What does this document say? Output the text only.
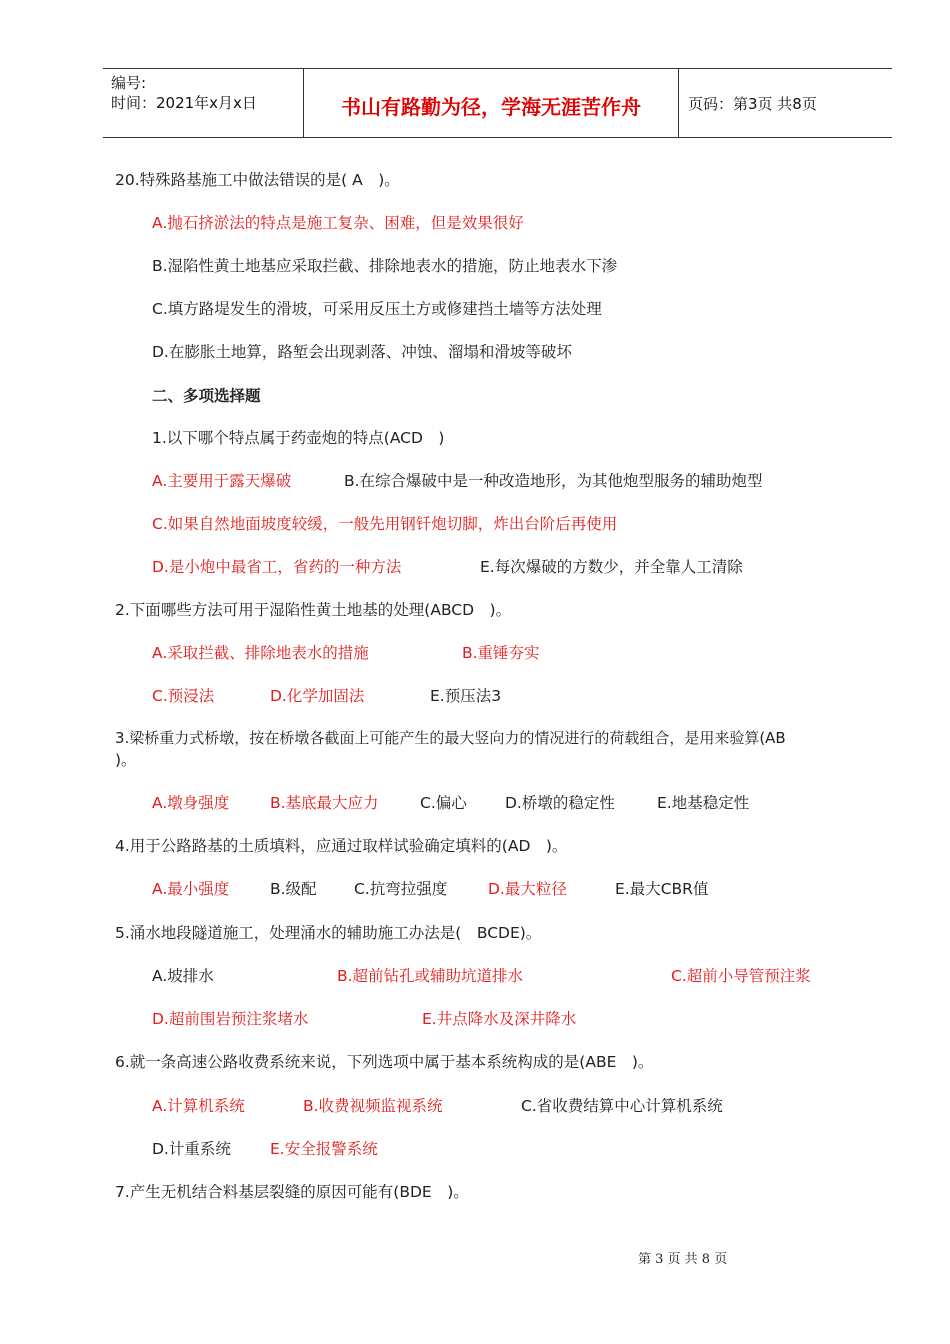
编号:
时间：2021年x月x日	书山有路勤为径，学海无涯苦作舟	页码：第3页 共8页
20.特殊路基施工中做法错误的是( A　)。
A.抛石挤淤法的特点是施工复杂、困难，但是效果很好
B.湿陷性黄土地基应采取拦截、排除地表水的措施，防止地表水下渗
C.填方路堤发生的滑坡，可采用反压土方或修建挡土墙等方法处理
D.在膨胀土地算，路堑会出现剥落、冲蚀、溜塌和滑坡等破坏
二、多项选择题
1.以下哪个特点属于药壶炮的特点(ACD　)
A.主要用于露天爆破	B.在综合爆破中是一种改造地形，为其他炮型服务的辅助炮型
C.如果自然地面坡度较缓，一般先用钢钎炮切脚，炸出台阶后再使用
D.是小炮中最省工，省药的一种方法	E.每次爆破的方数少，并全靠人工清除
2.下面哪些方法可用于湿陷性黄土地基的处理(ABCD　)。
A.采取拦截、排除地表水的措施	B.重锤夯实
C.预浸法	D.化学加固法	E.预压法3
3.梁桥重力式桥墩，按在桥墩各截面上可能产生的最大竖向力的情况进行的荷载组合，是用来验算(AB
)。
A.墩身强度	B.基底最大应力	C.偏心 D.桥墩的稳定性	E.地基稳定性
4.用于公路路基的土质填料，应通过取样试验确定填料的(AD　)。
A.最小强度	B.级配 C.抗弯拉强度	D.最大粒径	E.最大CBR值
5.涌水地段隧道施工，处理涌水的辅助施工办法是(　BCDE)。
A.坡排水	B.超前钻孔或辅助坑道排水	C.超前小导管预注浆
D.超前围岩预注浆堵水	E.井点降水及深井降水
6.就一条高速公路收费系统来说，下列选项中属于基本系统构成的是(ABE　)。
A.计算机系统	B.收费视频监视系统	C.省收费结算中心计算机系统
D.计重系统	E.安全报警系统
7.产生无机结合料基层裂缝的原因可能有(BDE　)。
第 3 页 共 8 页
